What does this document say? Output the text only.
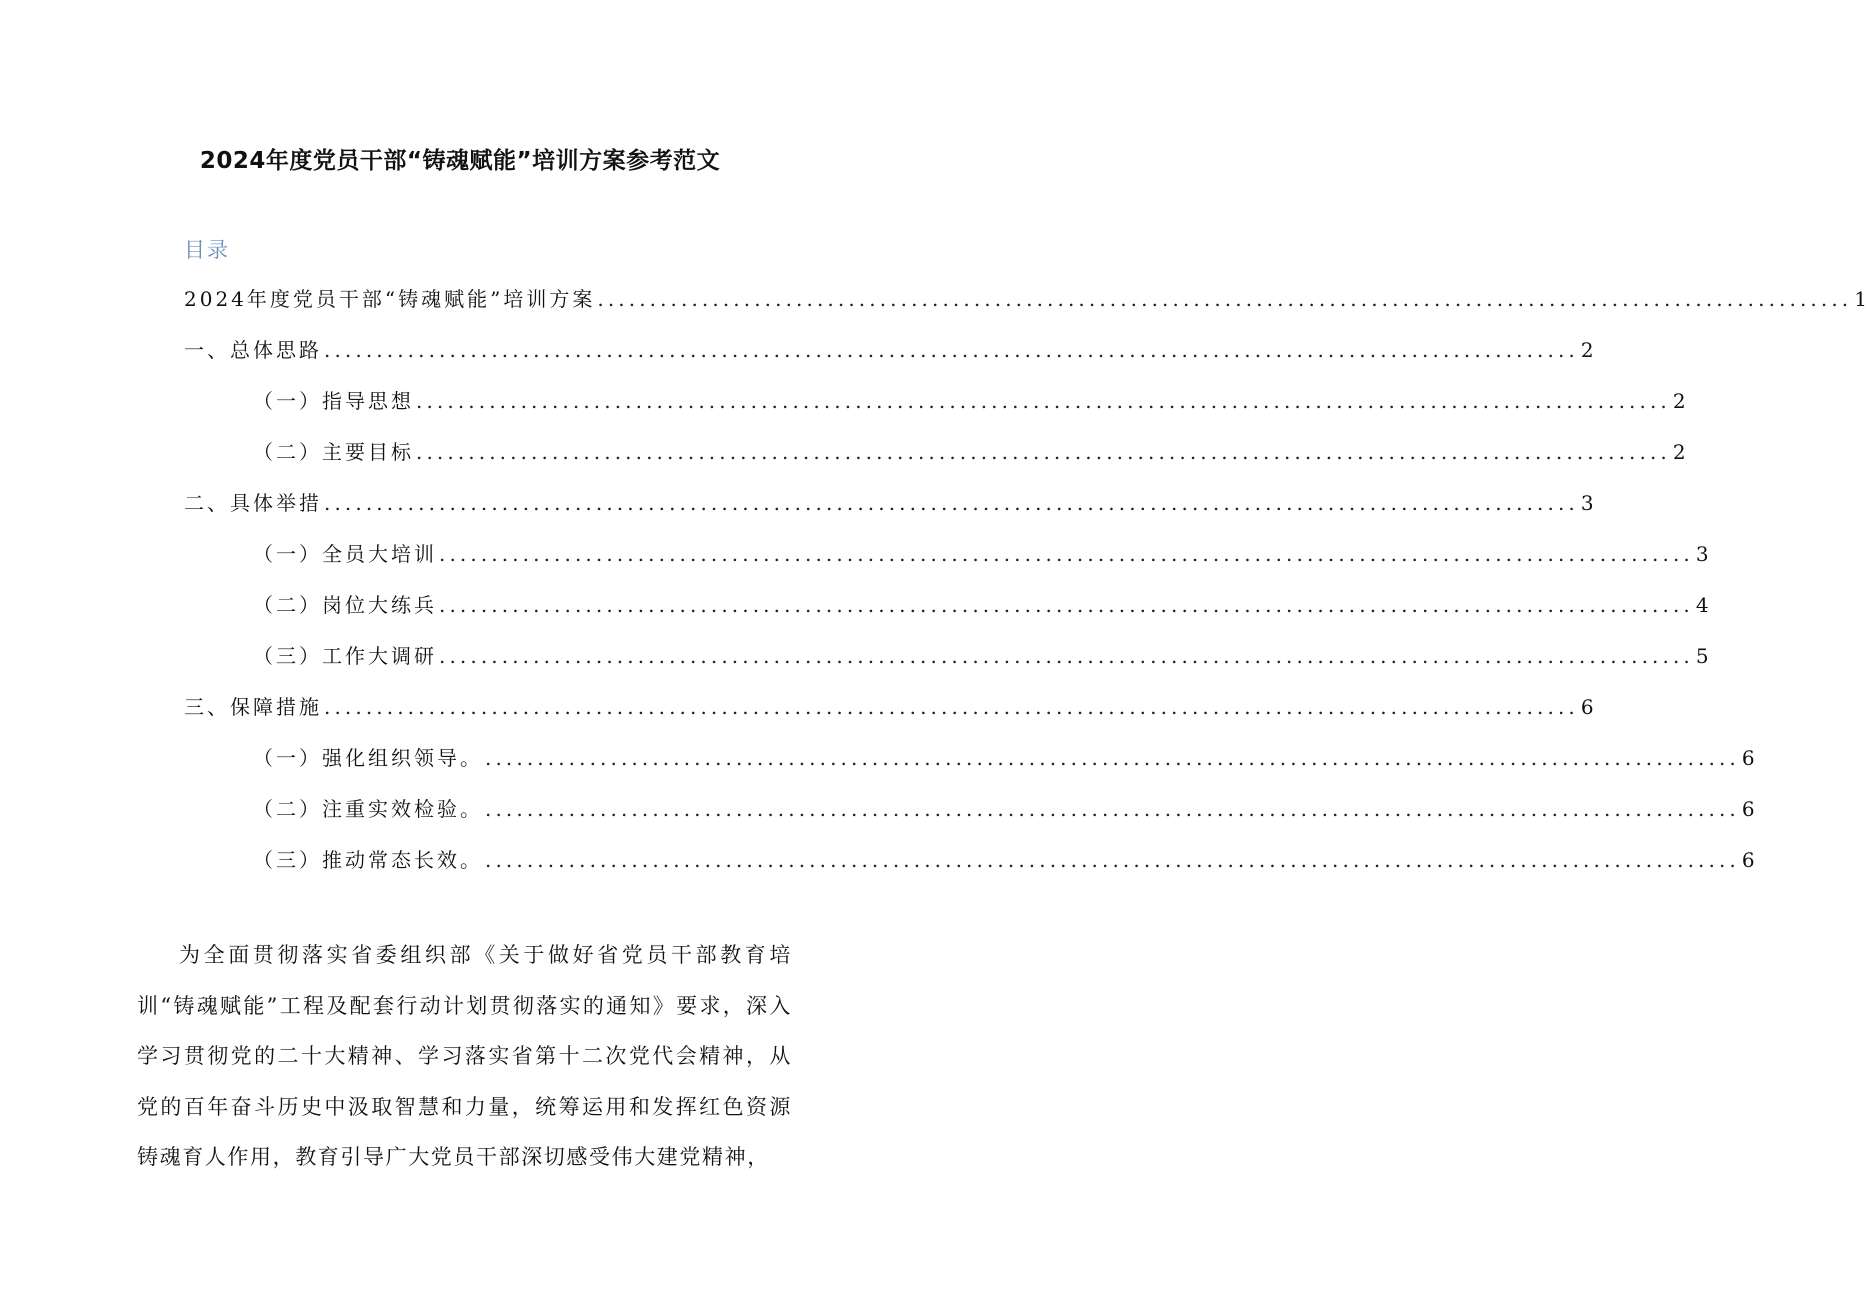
2024年度党员干部“铸魂赋能”培训方案参考范文
目录
2024年度党员干部“铸魂赋能”培训方案 ........................................................................................................................ 1
一、总体思路 ........................................................................................................................ 2
（一）指导思想 ........................................................................................................................ 2
（二）主要目标 ........................................................................................................................ 2
二、具体举措 ........................................................................................................................ 3
（一）全员大培训 ........................................................................................................................ 3
（二）岗位大练兵 ........................................................................................................................ 4
（三）工作大调研 ........................................................................................................................ 5
三、保障措施 ........................................................................................................................ 6
（一）强化组织领导。 ........................................................................................................................ 6
（二）注重实效检验。 ........................................................................................................................ 6
（三）推动常态长效。 ........................................................................................................................ 6
为全面贯彻落实省委组织部《关于做好省党员干部教育培训“铸魂赋能”工程及配套行动计划贯彻落实的通知》要求，深入学习贯彻党的二十大精神、学习落实省第十二次党代会精神，从党的百年奋斗历史中汲取智慧和力量，统筹运用和发挥红色资源铸魂育人作用，教育引导广大党员干部深切感受伟大建党精神，
